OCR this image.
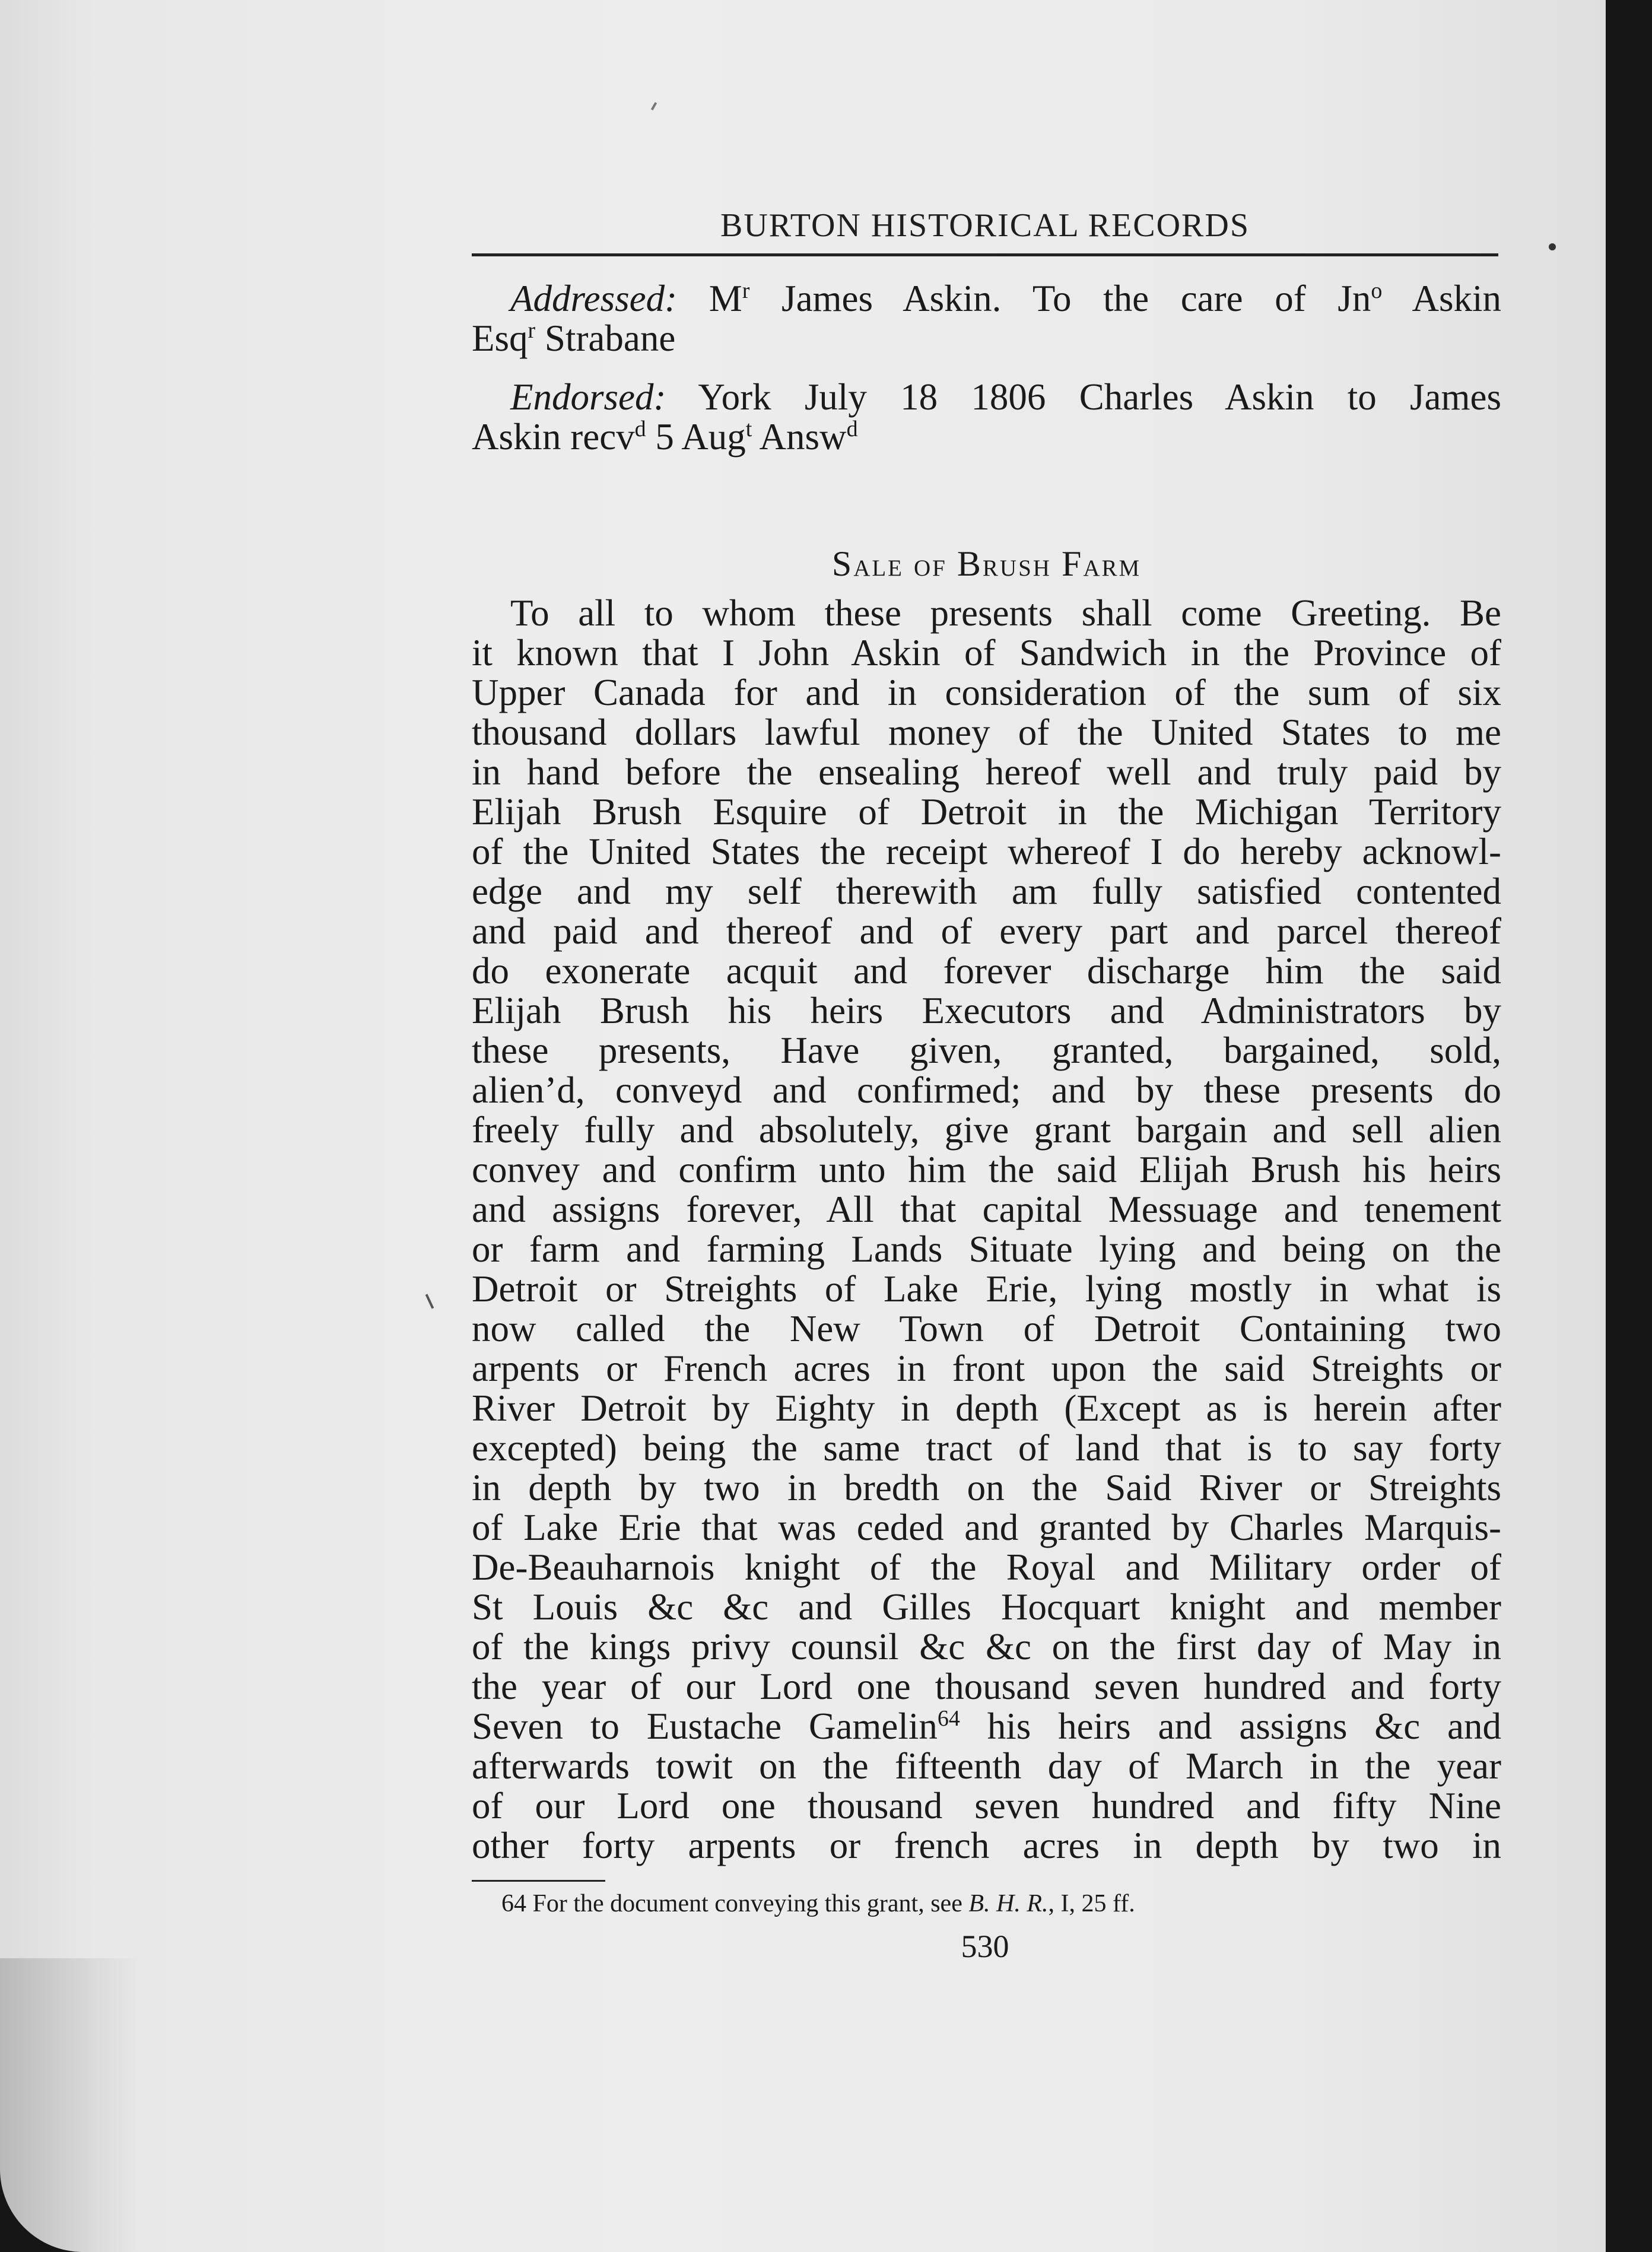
BURTON HISTORICAL RECORDS
Addressed: $M^r$ James Askin. To the care of Jn$^o$ Askin
Esq$^r$ Strabane
Endorsed: York July 18 1806 Charles Askin to James
Askin recv$^d$ 5 Aug$^t$ Answ$^d$
Sale of Brush Farm
To all to whom these presents shall come Greeting. Be
it known that I John Askin of Sandwich in the Province of
Upper Canada for and in consideration of the sum of six
thousand dollars lawful money of the United States to me
in hand before the ensealing hereof well and truly paid by
Elijah Brush Esquire of Detroit in the Michigan Territory
of the United States the receipt whereof I do hereby acknowl-
edge and my self therewith am fully satisfied contented
and paid and thereof and of every part and parcel thereof
do exonerate acquit and forever discharge him the said
Elijah Brush his heirs Executors and Administrators by
these presents, Have given, granted, bargained, sold,
alien’d, conveyd and confirmed; and by these presents do
freely fully and absolutely, give grant bargain and sell alien
convey and confirm unto him the said Elijah Brush his heirs
and assigns forever, All that capital Messuage and tenement
or farm and farming Lands Situate lying and being on the
Detroit or Streights of Lake Erie, lying mostly in what is
now called the New Town of Detroit Containing two
arpents or French acres in front upon the said Streights or
River Detroit by Eighty in depth (Except as is herein after
excepted) being the same tract of land that is to say forty
in depth by two in bredth on the Said River or Streights
of Lake Erie that was ceded and granted by Charles Marquis-
De-Beauharnois knight of the Royal and Military order of
St Louis &c &c and Gilles Hocquart knight and member
of the kings privy counsil &c &c on the first day of May in
the year of our Lord one thousand seven hundred and forty
Seven to Eustache Gamelin$^{64}$ his heirs and assigns &c and
afterwards towit on the fifteenth day of March in the year
of our Lord one thousand seven hundred and fifty Nine
other forty arpents or french acres in depth by two in
64 For the document conveying this grant, see B. H. R., I, 25 ff.
530
